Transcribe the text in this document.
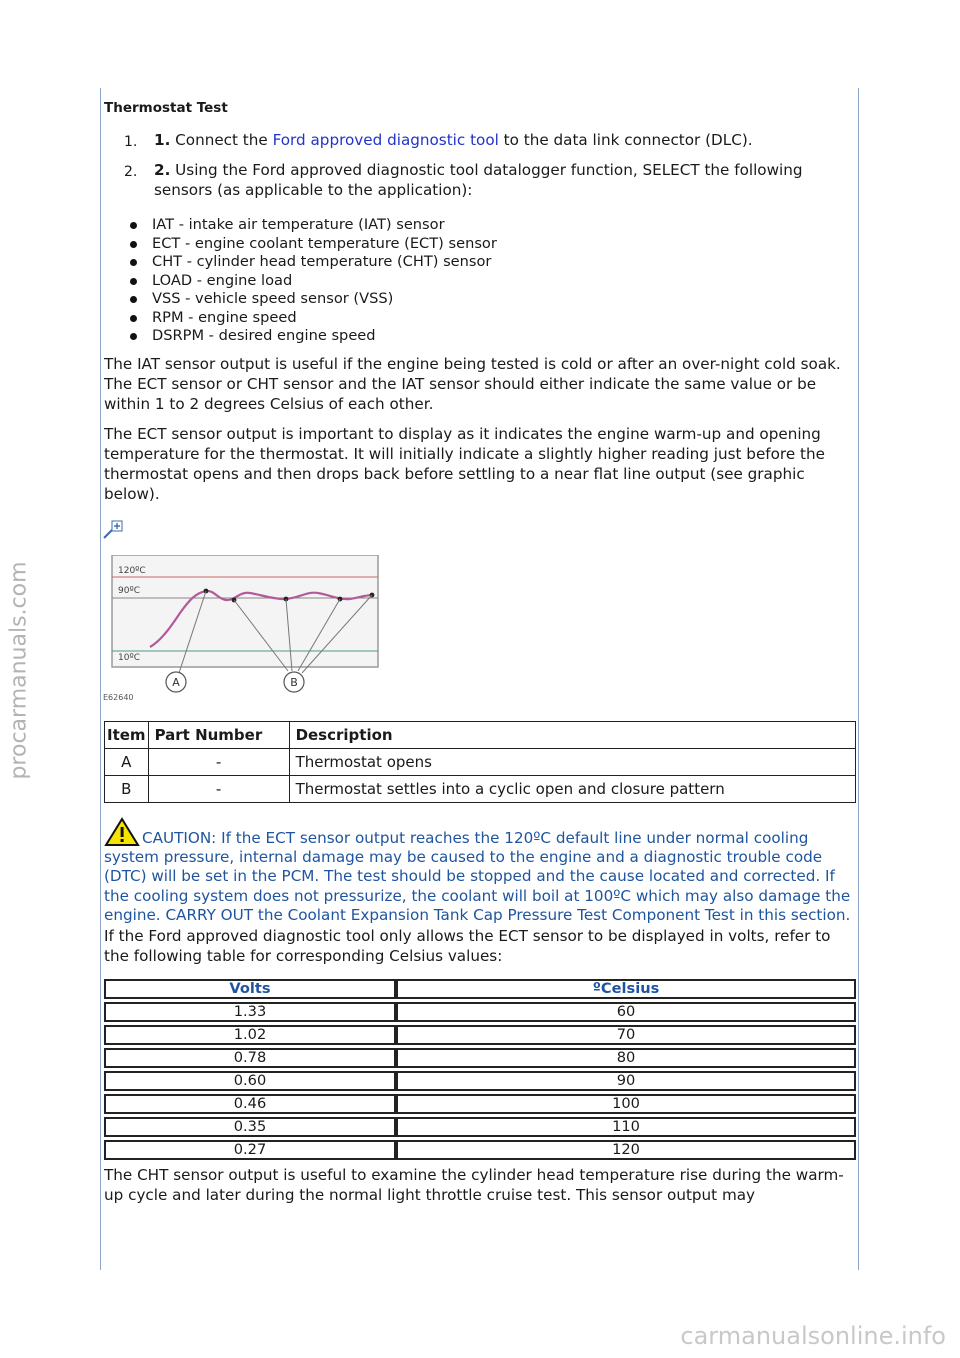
procarmanuals.com
carmanualsonline.info
Thermostat Test
1. 1. Connect the Ford approved diagnostic tool to the data link connector (DLC).
2. 2. Using the Ford approved diagnostic tool datalogger function, SELECT the following sensors (as applicable to the application):
IAT - intake air temperature (IAT) sensor
ECT - engine coolant temperature (ECT) sensor
CHT - cylinder head temperature (CHT) sensor
LOAD - engine load
VSS - vehicle speed sensor (VSS)
RPM - engine speed
DSRPM - desired engine speed

The IAT sensor output is useful if the engine being tested is cold or after an over-night cold soak. The ECT sensor or CHT sensor and the IAT sensor should either indicate the same value or be within 1 to 2 degrees Celsius of each other.

The ECT sensor output is important to display as it indicates the engine warm-up and opening temperature for the thermostat. It will initially indicate a slightly higher reading just before the thermostat opens and then drops back before settling to a near flat line output (see graphic below).

120ºC
90ºC
10ºC
A	B
E62640
Item	Part Number	Description
A	-	Thermostat opens
B	-	Thermostat settles into a cyclic open and closure pattern
CAUTION: If the ECT sensor output reaches the 120ºC default line under normal cooling system pressure, internal damage may be caused to the engine and a diagnostic trouble code (DTC) will be set in the PCM. The test should be stopped and the cause located and corrected. If the cooling system does not pressurize, the coolant will boil at 100ºC which may also damage the engine. CARRY OUT the Coolant Expansion Tank Cap Pressure Test Component Test in this section.

If the Ford approved diagnostic tool only allows the ECT sensor to be displayed in volts, refer to the following table for corresponding Celsius values:

Volts	ºCelsius
1.33	60
1.02	70
0.78	80
0.60	90
0.46	100
0.35	110
0.27	120

The CHT sensor output is useful to examine the cylinder head temperature rise during the warm-up cycle and later during the normal light throttle cruise test. This sensor output may
